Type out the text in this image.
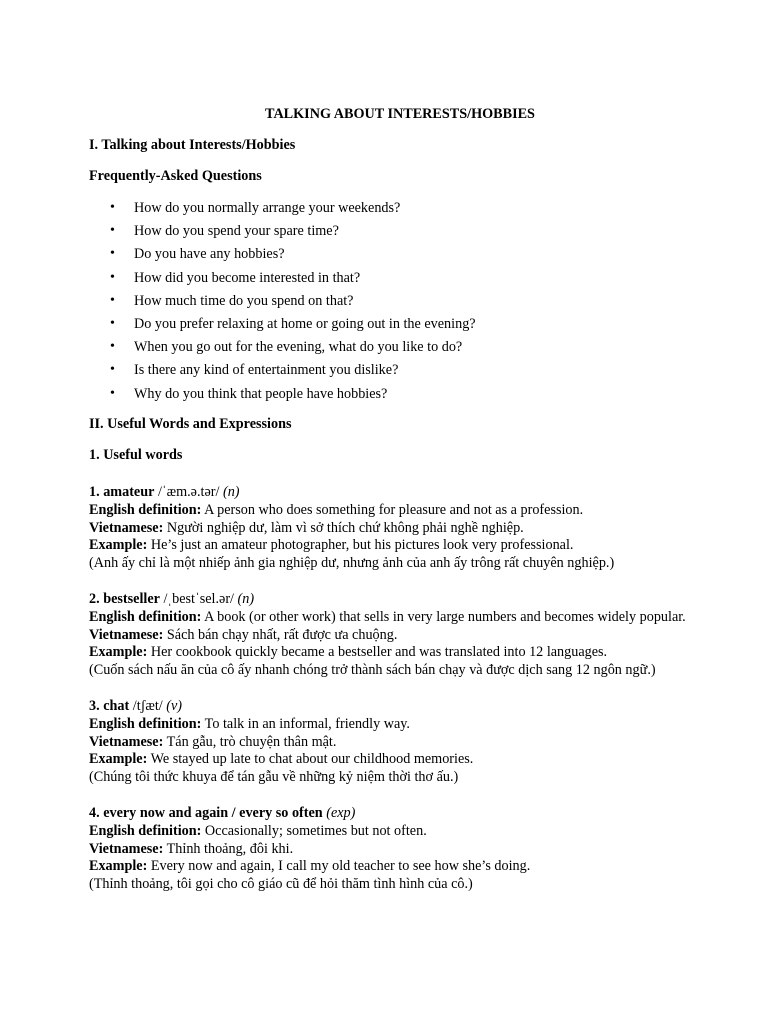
TALKING ABOUT INTERESTS/HOBBIES
I. Talking about Interests/Hobbies
Frequently-Asked Questions
• How do you normally arrange your weekends?
• How do you spend your spare time?
• Do you have any hobbies?
• How did you become interested in that?
• How much time do you spend on that?
• Do you prefer relaxing at home or going out in the evening?
• When you go out for the evening, what do you like to do?
• Is there any kind of entertainment you dislike?
• Why do you think that people have hobbies?
II. Useful Words and Expressions
1. Useful words
1. amateur /ˈæm.ə.tər/ (n)
English definition: A person who does something for pleasure and not as a profession.
Vietnamese: Người nghiệp dư, làm vì sở thích chứ không phải nghề nghiệp.
Example: He’s just an amateur photographer, but his pictures look very professional.
(Anh ấy chỉ là một nhiếp ảnh gia nghiệp dư, nhưng ảnh của anh ấy trông rất chuyên nghiệp.)
2. bestseller /ˌbestˈsel.ər/ (n)
English definition: A book (or other work) that sells in very large numbers and becomes widely popular.
Vietnamese: Sách bán chạy nhất, rất được ưa chuộng.
Example: Her cookbook quickly became a bestseller and was translated into 12 languages.
(Cuốn sách nấu ăn của cô ấy nhanh chóng trở thành sách bán chạy và được dịch sang 12 ngôn ngữ.)
3. chat /tʃæt/ (v)
English definition: To talk in an informal, friendly way.
Vietnamese: Tán gẫu, trò chuyện thân mật.
Example: We stayed up late to chat about our childhood memories.
(Chúng tôi thức khuya để tán gẫu về những kỷ niệm thời thơ ấu.)
4. every now and again / every so often (exp)
English definition: Occasionally; sometimes but not often.
Vietnamese: Thỉnh thoảng, đôi khi.
Example: Every now and again, I call my old teacher to see how she’s doing.
(Thỉnh thoảng, tôi gọi cho cô giáo cũ để hỏi thăm tình hình của cô.)
